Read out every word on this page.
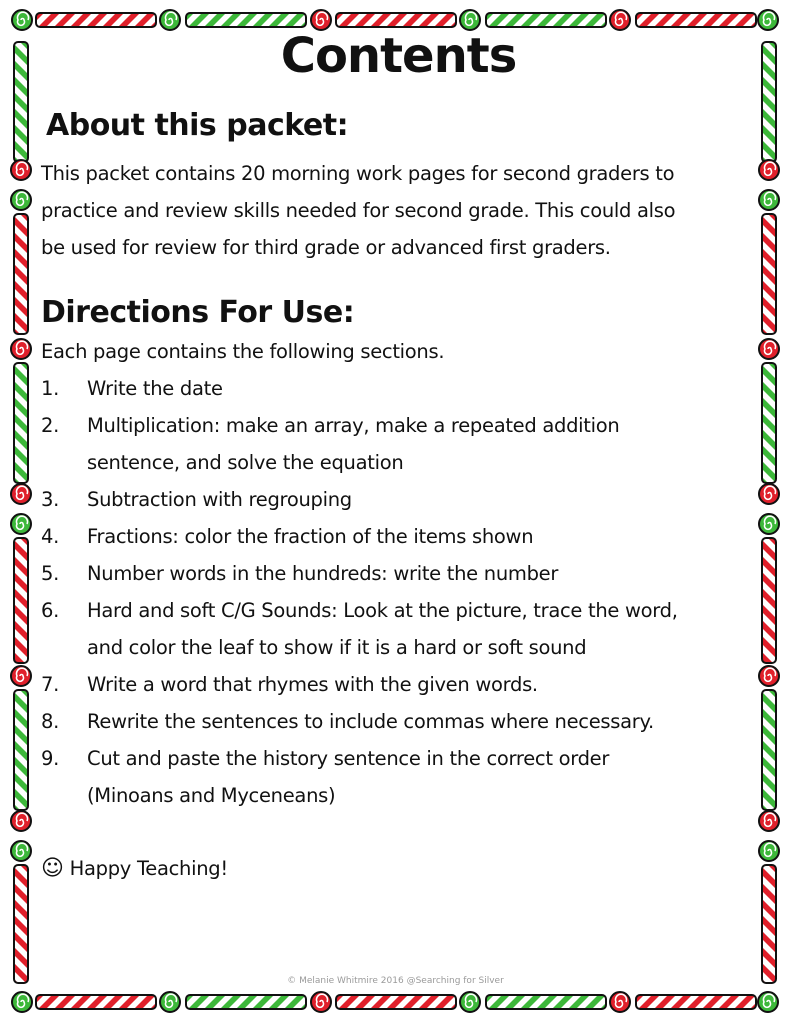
Contents
About this packet:
This packet contains 20 morning work pages for second graders to
practice and review skills needed for second grade. This could also
be used for review for third grade or advanced first graders.
Directions For Use:
Each page contains the following sections.
1. Write the date
2. Multiplication: make an array, make a repeated addition
sentence, and solve the equation
3. Subtraction with regrouping
4. Fractions: color the fraction of the items shown
5. Number words in the hundreds: write the number
6. Hard and soft C/G Sounds: Look at the picture, trace the word,
and color the leaf to show if it is a hard or soft sound
7. Write a word that rhymes with the given words.
8. Rewrite the sentences to include commas where necessary.
9. Cut and paste the history sentence in the correct order
(Minoans and Myceneans)
☺ Happy Teaching!
© Melanie Whitmire 2016 @Searching for Silver
